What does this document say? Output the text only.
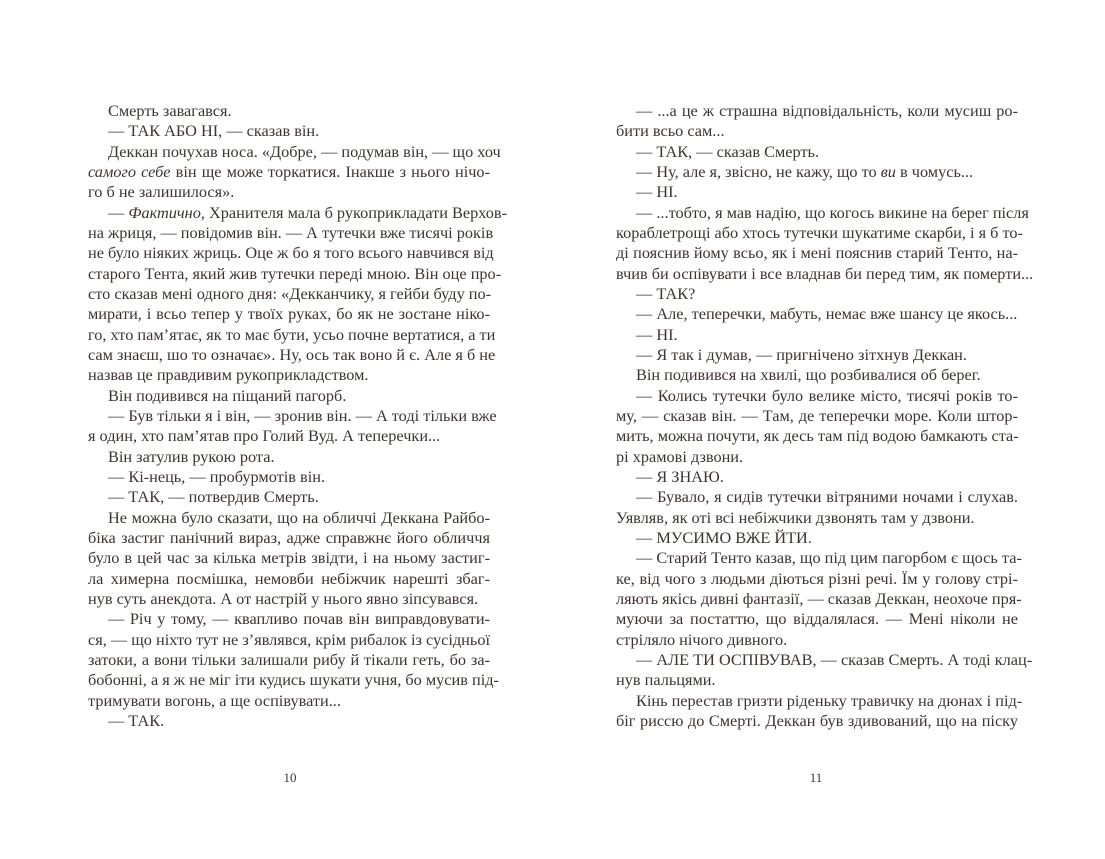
Смерть завагався.
— ТАК АБО НІ, — сказав він.
Деккан почухав носа. «Добре, — подумав він, — що хоч
самого себе він ще може торкатися. Інакше з нього нічо-
го б не залишилося».
— Фактично, Хранителя мала б рукоприкладати Верхов-
на жриця, — повідомив він. — А тутечки вже тисячі років
не було ніяких жриць. Оце ж бо я того всього навчився від
старого Тента, який жив тутечки переді мною. Він оце про-
сто сказав мені одного дня: «Декканчику, я гейби буду по-
мирати, і всьо тепер у твоїх руках, бо як не зостане ніко-
го, хто пам’ятає, як то має бути, усьо почне вертатися, а ти
сам знаєш, шо то означає». Ну, ось так воно й є. Але я б не
назвав це правдивим рукоприкладством.
Він подивився на піщаний пагорб.
— Був тільки я і він, — зронив він. — А тоді тільки вже
я один, хто пам’ятав про Голий Вуд. А теперечки...
Він затулив рукою рота.
— Кі-нець, — пробурмотів він.
— ТАК, — потвердив Смерть.
Не можна було сказати, що на обличчі Деккана Райбо-
біка застиг панічний вираз, адже справжнє його обличчя
було в цей час за кілька метрів звідти, і на ньому застиг-
ла химерна посмішка, немовби небіжчик нарешті збаг-
нув суть анекдота. А от настрій у нього явно зіпсувався.
— Річ у тому, — квапливо почав він виправдовувати-
ся, — що ніхто тут не з’являвся, крім рибалок із сусідньої
затоки, а вони тільки залишали рибу й тікали геть, бо за-
бобонні, а я ж не міг іти кудись шукати учня, бо мусив під-
тримувати вогонь, а ще оспівувати...
— ТАК.
— ...а це ж страшна відповідальність, коли мусиш ро-
бити всьо сам...
— ТАК, — сказав Смерть.
— Ну, але я, звісно, не кажу, що то ви в чомусь...
— НІ.
— ...тобто, я мав надію, що когось викине на берег після
кораблетрощі або хтось тутечки шукатиме скарби, і я б то-
ді пояснив йому всьо, як і мені пояснив старий Тенто, на-
вчив би оспівувати і все владнав би перед тим, як померти...
— ТАК?
— Але, теперечки, мабуть, немає вже шансу це якось...
— НІ.
— Я так і думав, — пригнічено зітхнув Деккан.
Він подивився на хвилі, що розбивалися об берег.
— Колись тутечки було велике місто, тисячі років то-
му, — сказав він. — Там, де теперечки море. Коли штор-
мить, можна почути, як десь там під водою бамкають ста-
рі храмові дзвони.
— Я ЗНАЮ.
— Бувало, я сидів тутечки вітряними ночами і слухав.
Уявляв, як оті всі небіжчики дзвонять там у дзвони.
— МУСИМО ВЖЕ ЙТИ.
— Старий Тенто казав, що під цим пагорбом є щось та-
ке, від чого з людьми діються різні речі. Їм у голову стрі-
ляють якісь дивні фантазії, — сказав Деккан, неохоче пря-
муючи за постаттю, що віддалялася. — Мені ніколи не
стріляло нічого дивного.
— АЛЕ ТИ ОСПІВУВАВ, — сказав Смерть. А тоді клац-
нув пальцями.
Кінь перестав гризти ріденьку травичку на дюнах і під-
біг риссю до Смерті. Деккан був здивований, що на піску
10	11
